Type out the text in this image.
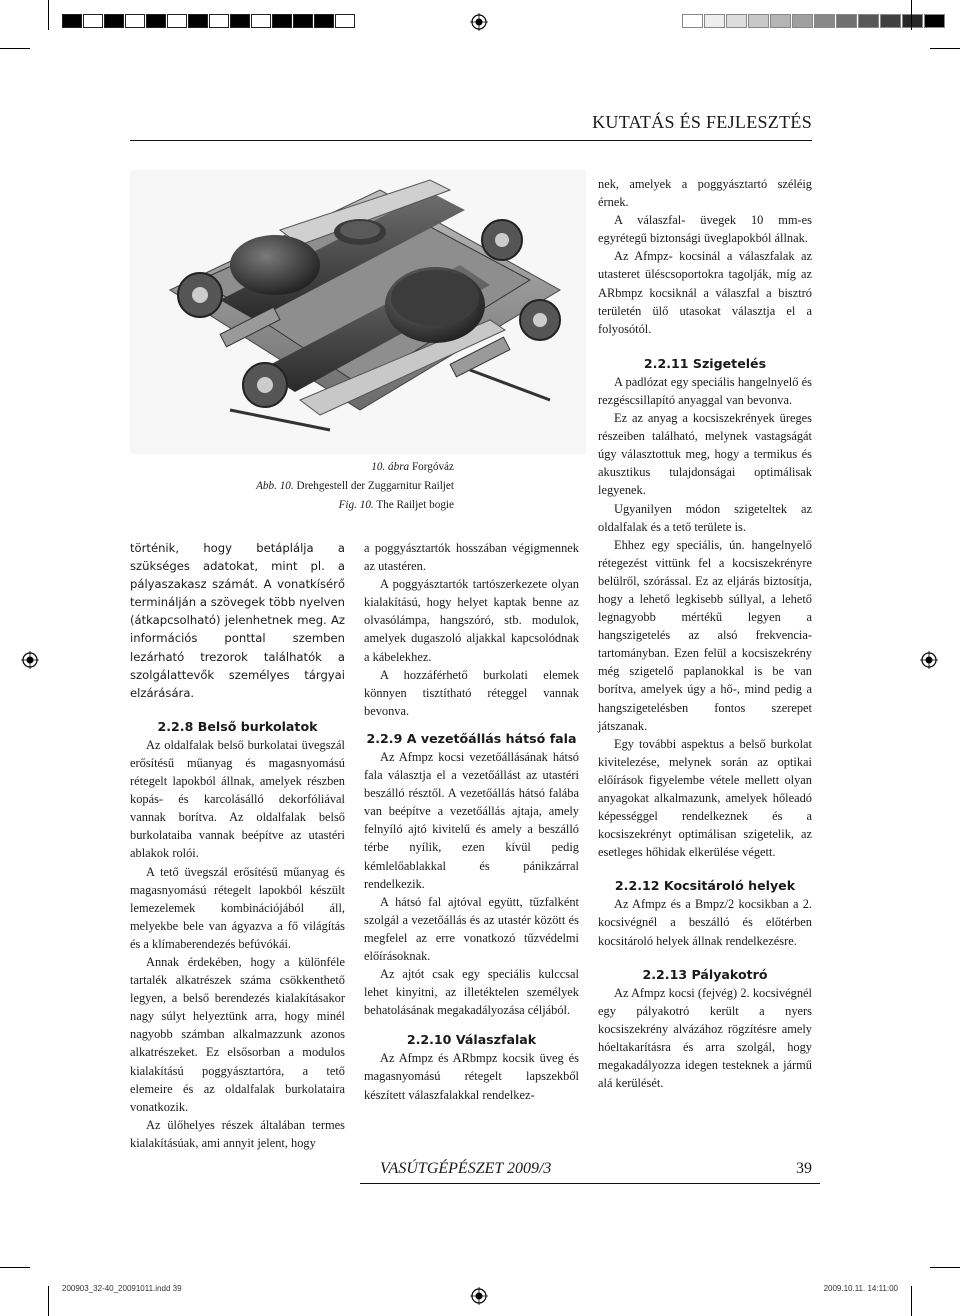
KUTATÁS ÉS FEJLESZTÉS
10. ábra Forgóváz
Abb. 10. Drehgestell der Zuggarnitur Railjet
Fig. 10. The Railjet bogie

történik, hogy betáplálja a szükséges adatokat, mint pl. a pályaszakasz számát. A vonatkísérő terminálján a szövegek több nyelven (átkapcsolható) jelenhetnek meg. Az információs ponttal szemben lezárható trezorok találhatók a szolgálattevők személyes tárgyai elzárására.

2.2.8 Belső burkolatok

Az oldalfalak belső burkolatai üvegszál erősítésű műanyag és magasnyomású rétegelt lapokból állnak, amelyek részben kopás- és karcolásálló dekorfóliával vannak borítva. Az oldalfalak belső burkolataiba vannak beépítve az utastéri ablakok rolói.

A tető üvegszál erősítésű műanyag és magasnyomású rétegelt lapokból készült lemezelemek kombinációjából áll, melyekbe bele van ágyazva a fő világítás és a klímaberendezés befúvókái.

Annak érdekében, hogy a különféle tartalék alkatrészek száma csökkenthető legyen, a belső berendezés kialakításakor nagy súlyt helyeztünk arra, hogy minél nagyobb számban alkalmazzunk azonos alkatrészeket. Ez elsősorban a modulos kialakítású poggyásztartóra, a tető elemeire és az oldalfalak burkolataira vonatkozik.

Az ülőhelyes részek általában termes kialakításúak, ami annyit jelent, hogy

a poggyásztartók hosszában végigmennek az utastéren.

A poggyásztartók tartószerkezete olyan kialakítású, hogy helyet kaptak benne az olvasólámpa, hangszóró, stb. modulok, amelyek dugaszoló aljakkal kapcsolódnak a kábelekhez.

A hozzáférhető burkolati elemek könnyen tisztítható réteggel vannak bevonva.

2.2.9 A vezetőállás hátsó fala

Az Afmpz kocsi vezetőállásának hátsó fala választja el a vezetőállást az utastéri beszálló résztől. A vezetőállás hátsó falába van beépítve a vezetőállás ajtaja, amely felnyíló ajtó kivitelű és amely a beszálló térbe nyílik, ezen kívül pedig kémlelőablakkal és pánikzárral rendelkezik.

A hátsó fal ajtóval együtt, tűzfalként szolgál a vezetőállás és az utastér között és megfelel az erre vonatkozó tűzvédelmi előírásoknak.

Az ajtót csak egy speciális kulccsal lehet kinyitni, az illetéktelen személyek behatolásának megakadályozása céljából.

2.2.10 Válaszfalak

Az Afmpz és ARbmpz kocsik üveg és magasnyomású rétegelt lapszekből készített válaszfalakkal rendelkez-

nek, amelyek a poggyásztartó széléig érnek.

A válaszfal- üvegek 10 mm-es egyrétegű biztonsági üveglapokból állnak.

Az Afmpz- kocsinál a válaszfalak az utasteret üléscsoportokra tagolják, míg az ARbmpz kocsiknál a válaszfal a bisztró területén ülő utasokat választja el a folyosótól.

2.2.11 Szigetelés

A padlózat egy speciális hangelnyelő és rezgéscsillapító anyaggal van bevonva.

Ez az anyag a kocsiszekrények üreges részeiben található, melynek vastagságát úgy választottuk meg, hogy a termikus és akusztikus tulajdonságai optimálisak legyenek.

Ugyanilyen módon szigeteltek az oldalfalak és a tető területe is.

Ehhez egy speciális, ún. hangelnyelő rétegezést vittünk fel a kocsiszekrényre belülről, szórással. Ez az eljárás biztosítja, hogy a lehető legkisebb súllyal, a lehető legnagyobb mértékű legyen a hangszigetelés az alsó frekvencia-tartományban. Ezen felül a kocsiszekrény még szigetelő paplanokkal is be van borítva, amelyek úgy a hő-, mind pedig a hangszigetelésben fontos szerepet játszanak.

Egy további aspektus a belső burkolat kivitelezése, melynek során az optikai előírások figyelembe vétele mellett olyan anyagokat alkalmazunk, amelyek hőleadó képességgel rendelkeznek és a kocsiszekrényt optimálisan szigetelik, az esetleges hőhidak elkerülése végett.

2.2.12 Kocsitároló helyek

Az Afmpz és a Bmpz/2 kocsikban a 2. kocsivégnél a beszálló és előtérben kocsitároló helyek állnak rendelkezésre.

2.2.13 Pályakotró

Az Afmpz kocsi (fejvég) 2. kocsivégnél egy pályakotró került a nyers kocsiszekrény alvázához rögzítésre amely hóeltakarításra és arra szolgál, hogy megakadályozza idegen testeknek a jármű alá kerülését.

VASÚTGÉPÉSZET 2009/3	39
200903_32-40_20091011.indd 39	2009.10.11. 14:11:00
